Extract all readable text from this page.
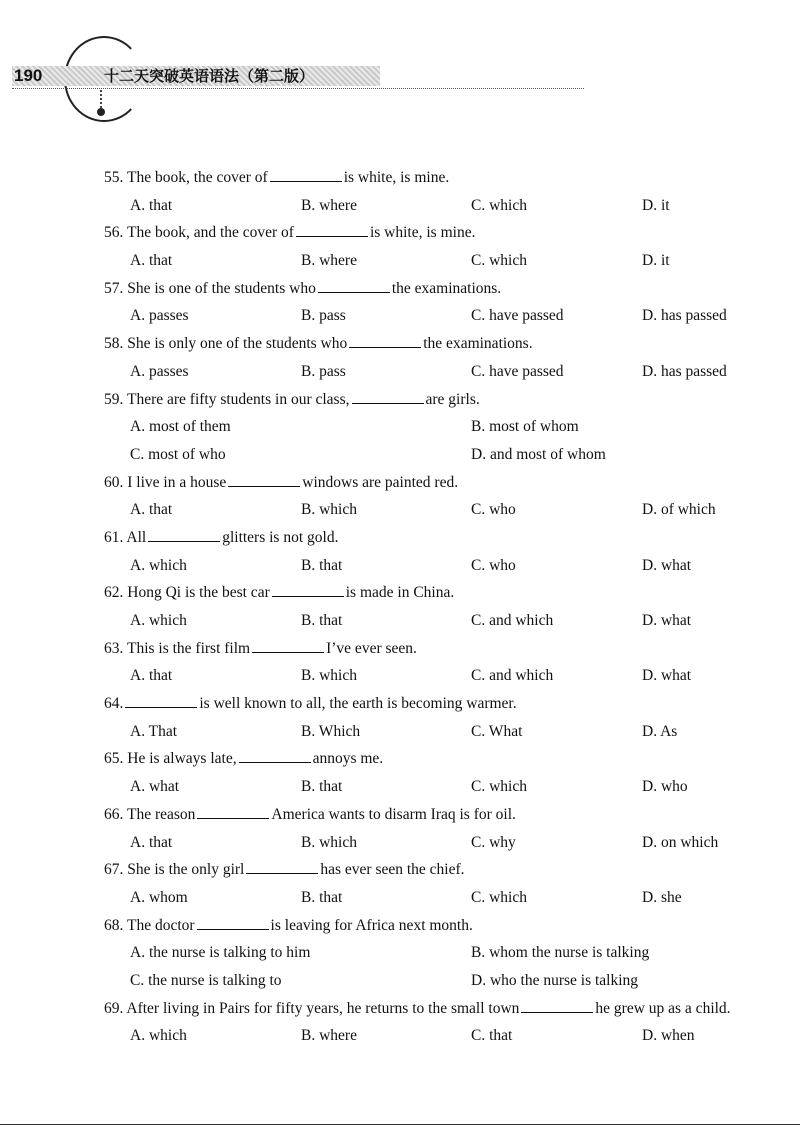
190	十二天突破英语语法（第二版）
55. The book, the cover of	is white, is mine.
A. that	B. where	C. which	D. it
56. The book, and the cover of	is white, is mine.
A. that	B. where	C. which	D. it
57. She is one of the students who	the examinations.
A. passes	B. pass	C. have passed	D. has passed
58. She is only one of the students who	the examinations.
A. passes	B. pass	C. have passed	D. has passed
59. There are fifty students in our class,	are girls.
A. most of them	B. most of whom
C. most of who	D. and most of whom
60. I live in a house	windows are painted red.
A. that	B. which	C. who	D. of which
61. All	glitters is not gold.
A. which	B. that	C. who	D. what
62. Hong Qi is the best car	is made in China.
A. which	B. that	C. and which	D. what
63. This is the first film	I’ve ever seen.
A. that	B. which	C. and which	D. what
64.	is well known to all, the earth is becoming warmer.
A. That	B. Which	C. What	D. As
65. He is always late,	annoys me.
A. what	B. that	C. which	D. who
66. The reason	America wants to disarm Iraq is for oil.
A. that	B. which	C. why	D. on which
67. She is the only girl	has ever seen the chief.
A. whom	B. that	C. which	D. she
68. The doctor	is leaving for Africa next month.
A. the nurse is talking to him	B. whom the nurse is talking
C. the nurse is talking to	D. who the nurse is talking
69. After living in Pairs for fifty years, he returns to the small town	he grew up as a child.
A. which	B. where	C. that	D. when
